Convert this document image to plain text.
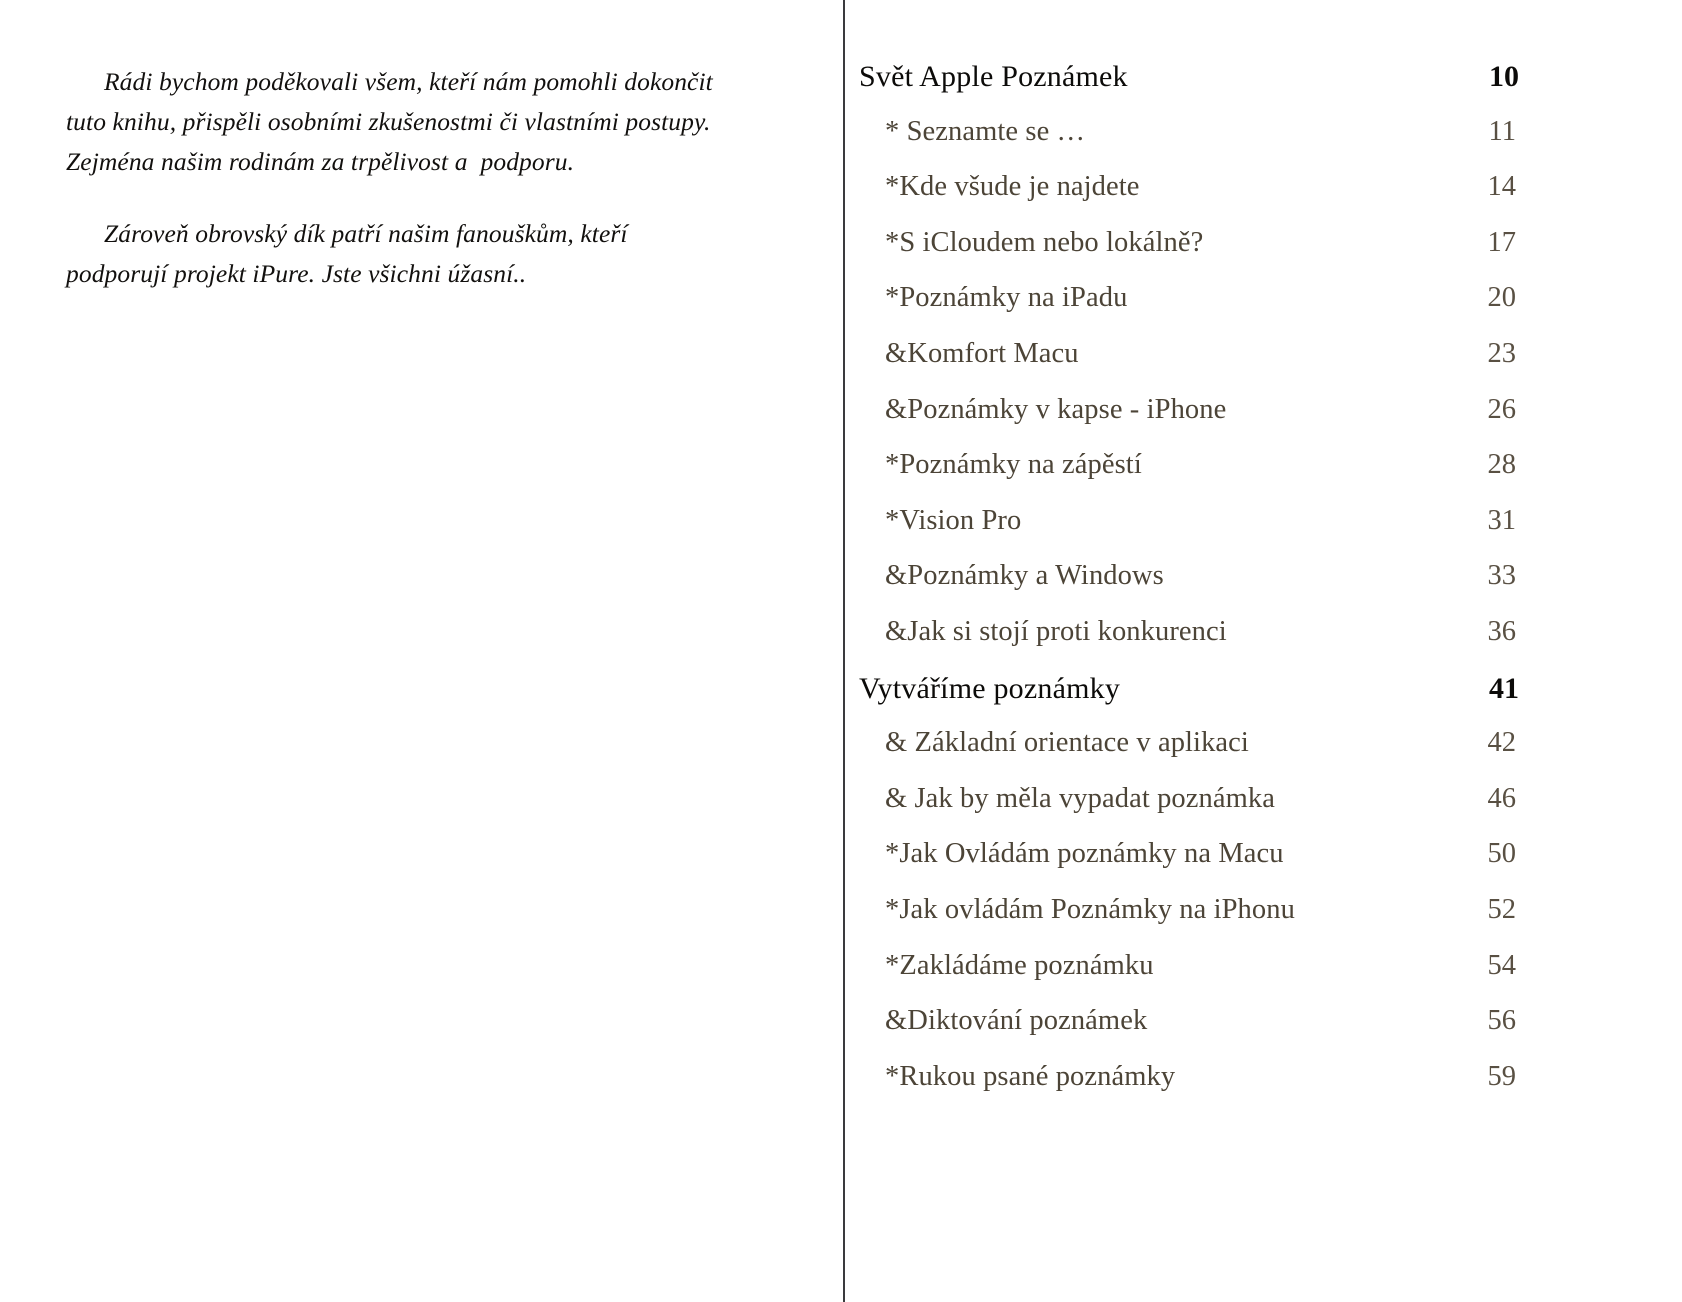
Rádi bychom poděkovali všem, kteří nám pomohli dokončit tuto knihu, přispěli osobními zkušenostmi či vlastními postupy. Zejména našim rodinám za trpělivost a  podporu.

Zároveň obrovský dík patří našim fanouškům, kteří podporují projekt iPure. Jste všichni úžasní..

Svět Apple Poznámek	10
* Seznamte se …	11
*Kde všude je najdete	14
*S iCloudem nebo lokálně?	17
*Poznámky na iPadu	20
&Komfort Macu	23
&Poznámky v kapse - iPhone	26
*Poznámky na zápěstí	28
*Vision Pro	31
&Poznámky a Windows	33
&Jak si stojí proti konkurenci	36
Vytváříme poznámky	41
& Základní orientace v aplikaci	42
& Jak by měla vypadat poznámka	46
*Jak Ovládám poznámky na Macu	50
*Jak ovládám Poznámky na iPhonu	52
*Zakládáme poznámku	54
&Diktování poznámek	56
*Rukou psané poznámky	59
